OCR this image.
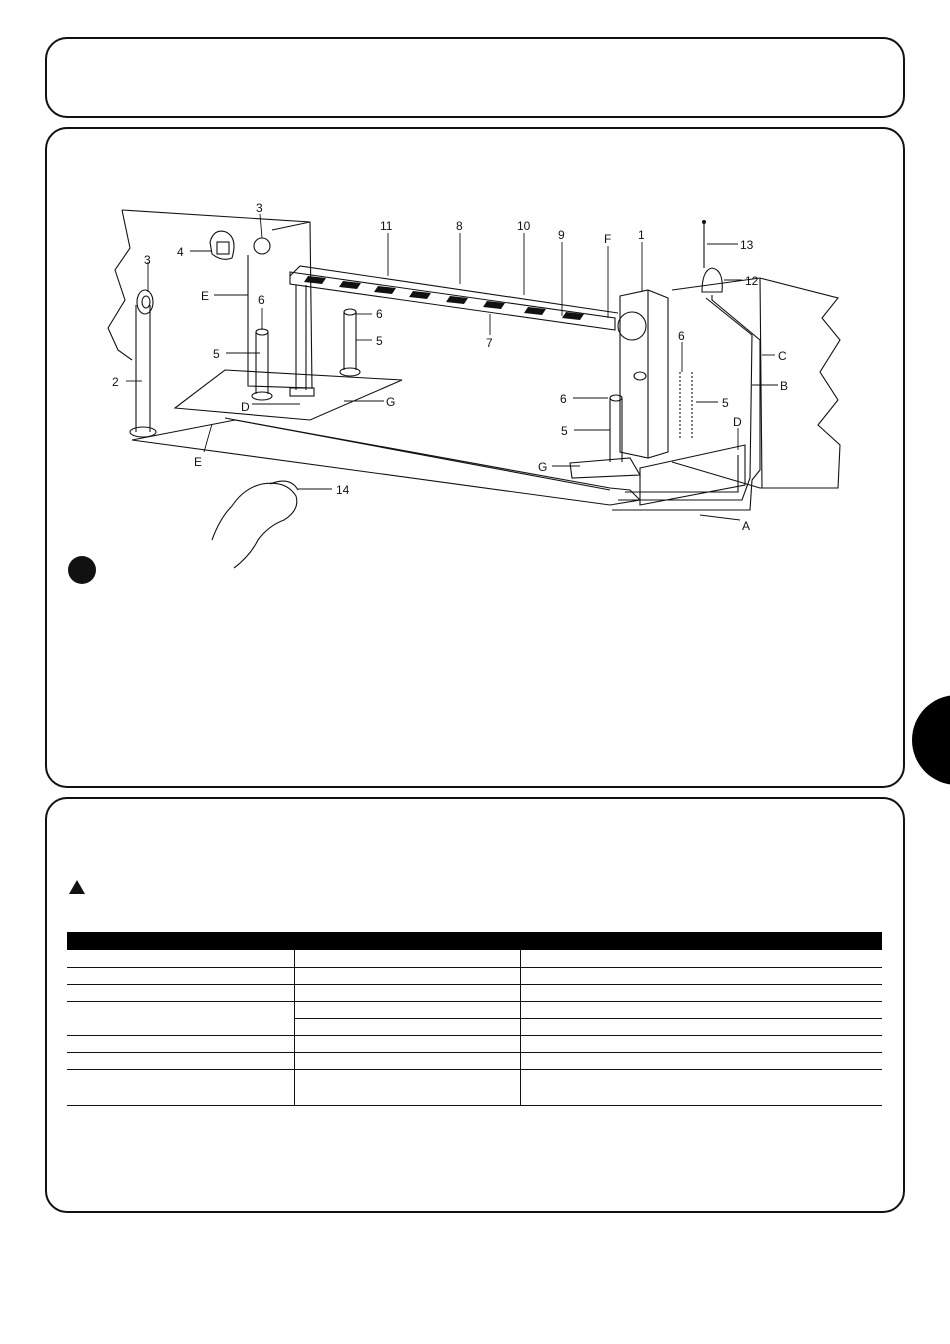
3
2
4
3
E	6
5
6
5
D	G
E
11	8	10
9	F 1
7
13
12
C
B
6
5
6
5
D
G
A
14
